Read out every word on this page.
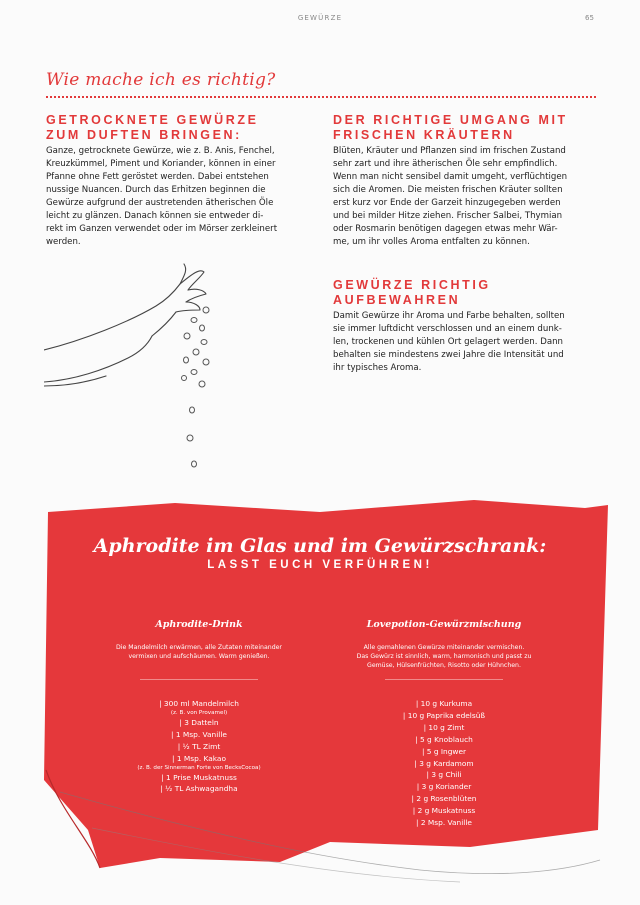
GEWÜRZE	65
Wie mache ich es richtig?
GETROCKNETE GEWÜRZE
ZUM DUFTEN BRINGEN:
Ganze, getrocknete Gewürze, wie z. B. Anis, Fenchel,
Kreuzkümmel, Piment und Koriander, können in einer
Pfanne ohne Fett geröstet werden. Dabei entstehen
nussige Nuancen. Durch das Erhitzen beginnen die
Gewürze aufgrund der austretenden ätherischen Öle
leicht zu glänzen. Danach können sie entweder di-
rekt im Ganzen verwendet oder im Mörser zerkleinert
werden.
DER RICHTIGE UMGANG MIT
FRISCHEN KRÄUTERN
Blüten, Kräuter und Pflanzen sind im frischen Zustand
sehr zart und ihre ätherischen Öle sehr empfindlich.
Wenn man nicht sensibel damit umgeht, verflüchtigen
sich die Aromen. Die meisten frischen Kräuter sollten
erst kurz vor Ende der Garzeit hinzugegeben werden
und bei milder Hitze ziehen. Frischer Salbei, Thymian
oder Rosmarin benötigen dagegen etwas mehr Wär-
me, um ihr volles Aroma entfalten zu können.
GEWÜRZE RICHTIG
AUFBEWAHREN
Damit Gewürze ihr Aroma und Farbe behalten, sollten
sie immer luftdicht verschlossen und an einem dunk-
len, trockenen und kühlen Ort gelagert werden. Dann
behalten sie mindestens zwei Jahre die Intensität und
ihr typisches Aroma.
Aphrodite im Glas und im Gewürzschrank:
LASST EUCH VERFÜHREN!
Aphrodite-Drink
Die Mandelmilch erwärmen, alle Zutaten miteinander
vermixen und aufschäumen. Warm genießen.
| 300 ml Mandelmilch
(z. B. von Provamel)
| 3 Datteln
| 1 Msp. Vanille
| ½ TL Zimt
| 1 Msp. Kakao
(z. B. der Sinnerman Forte von BecksCocoa)
| 1 Prise Muskatnuss
| ½ TL Ashwagandha
Lovepotion-Gewürzmischung
Alle gemahlenen Gewürze miteinander vermischen.
Das Gewürz ist sinnlich, warm, harmonisch und passt zu
Gemüse, Hülsenfrüchten, Risotto oder Hühnchen.
| 10 g Kurkuma
| 10 g Paprika edelsüß
| 10 g Zimt
| 5 g Knoblauch
| 5 g Ingwer
| 3 g Kardamom
| 3 g Chili
| 3 g Koriander
| 2 g Rosenblüten
| 2 g Muskatnuss
| 2 Msp. Vanille
